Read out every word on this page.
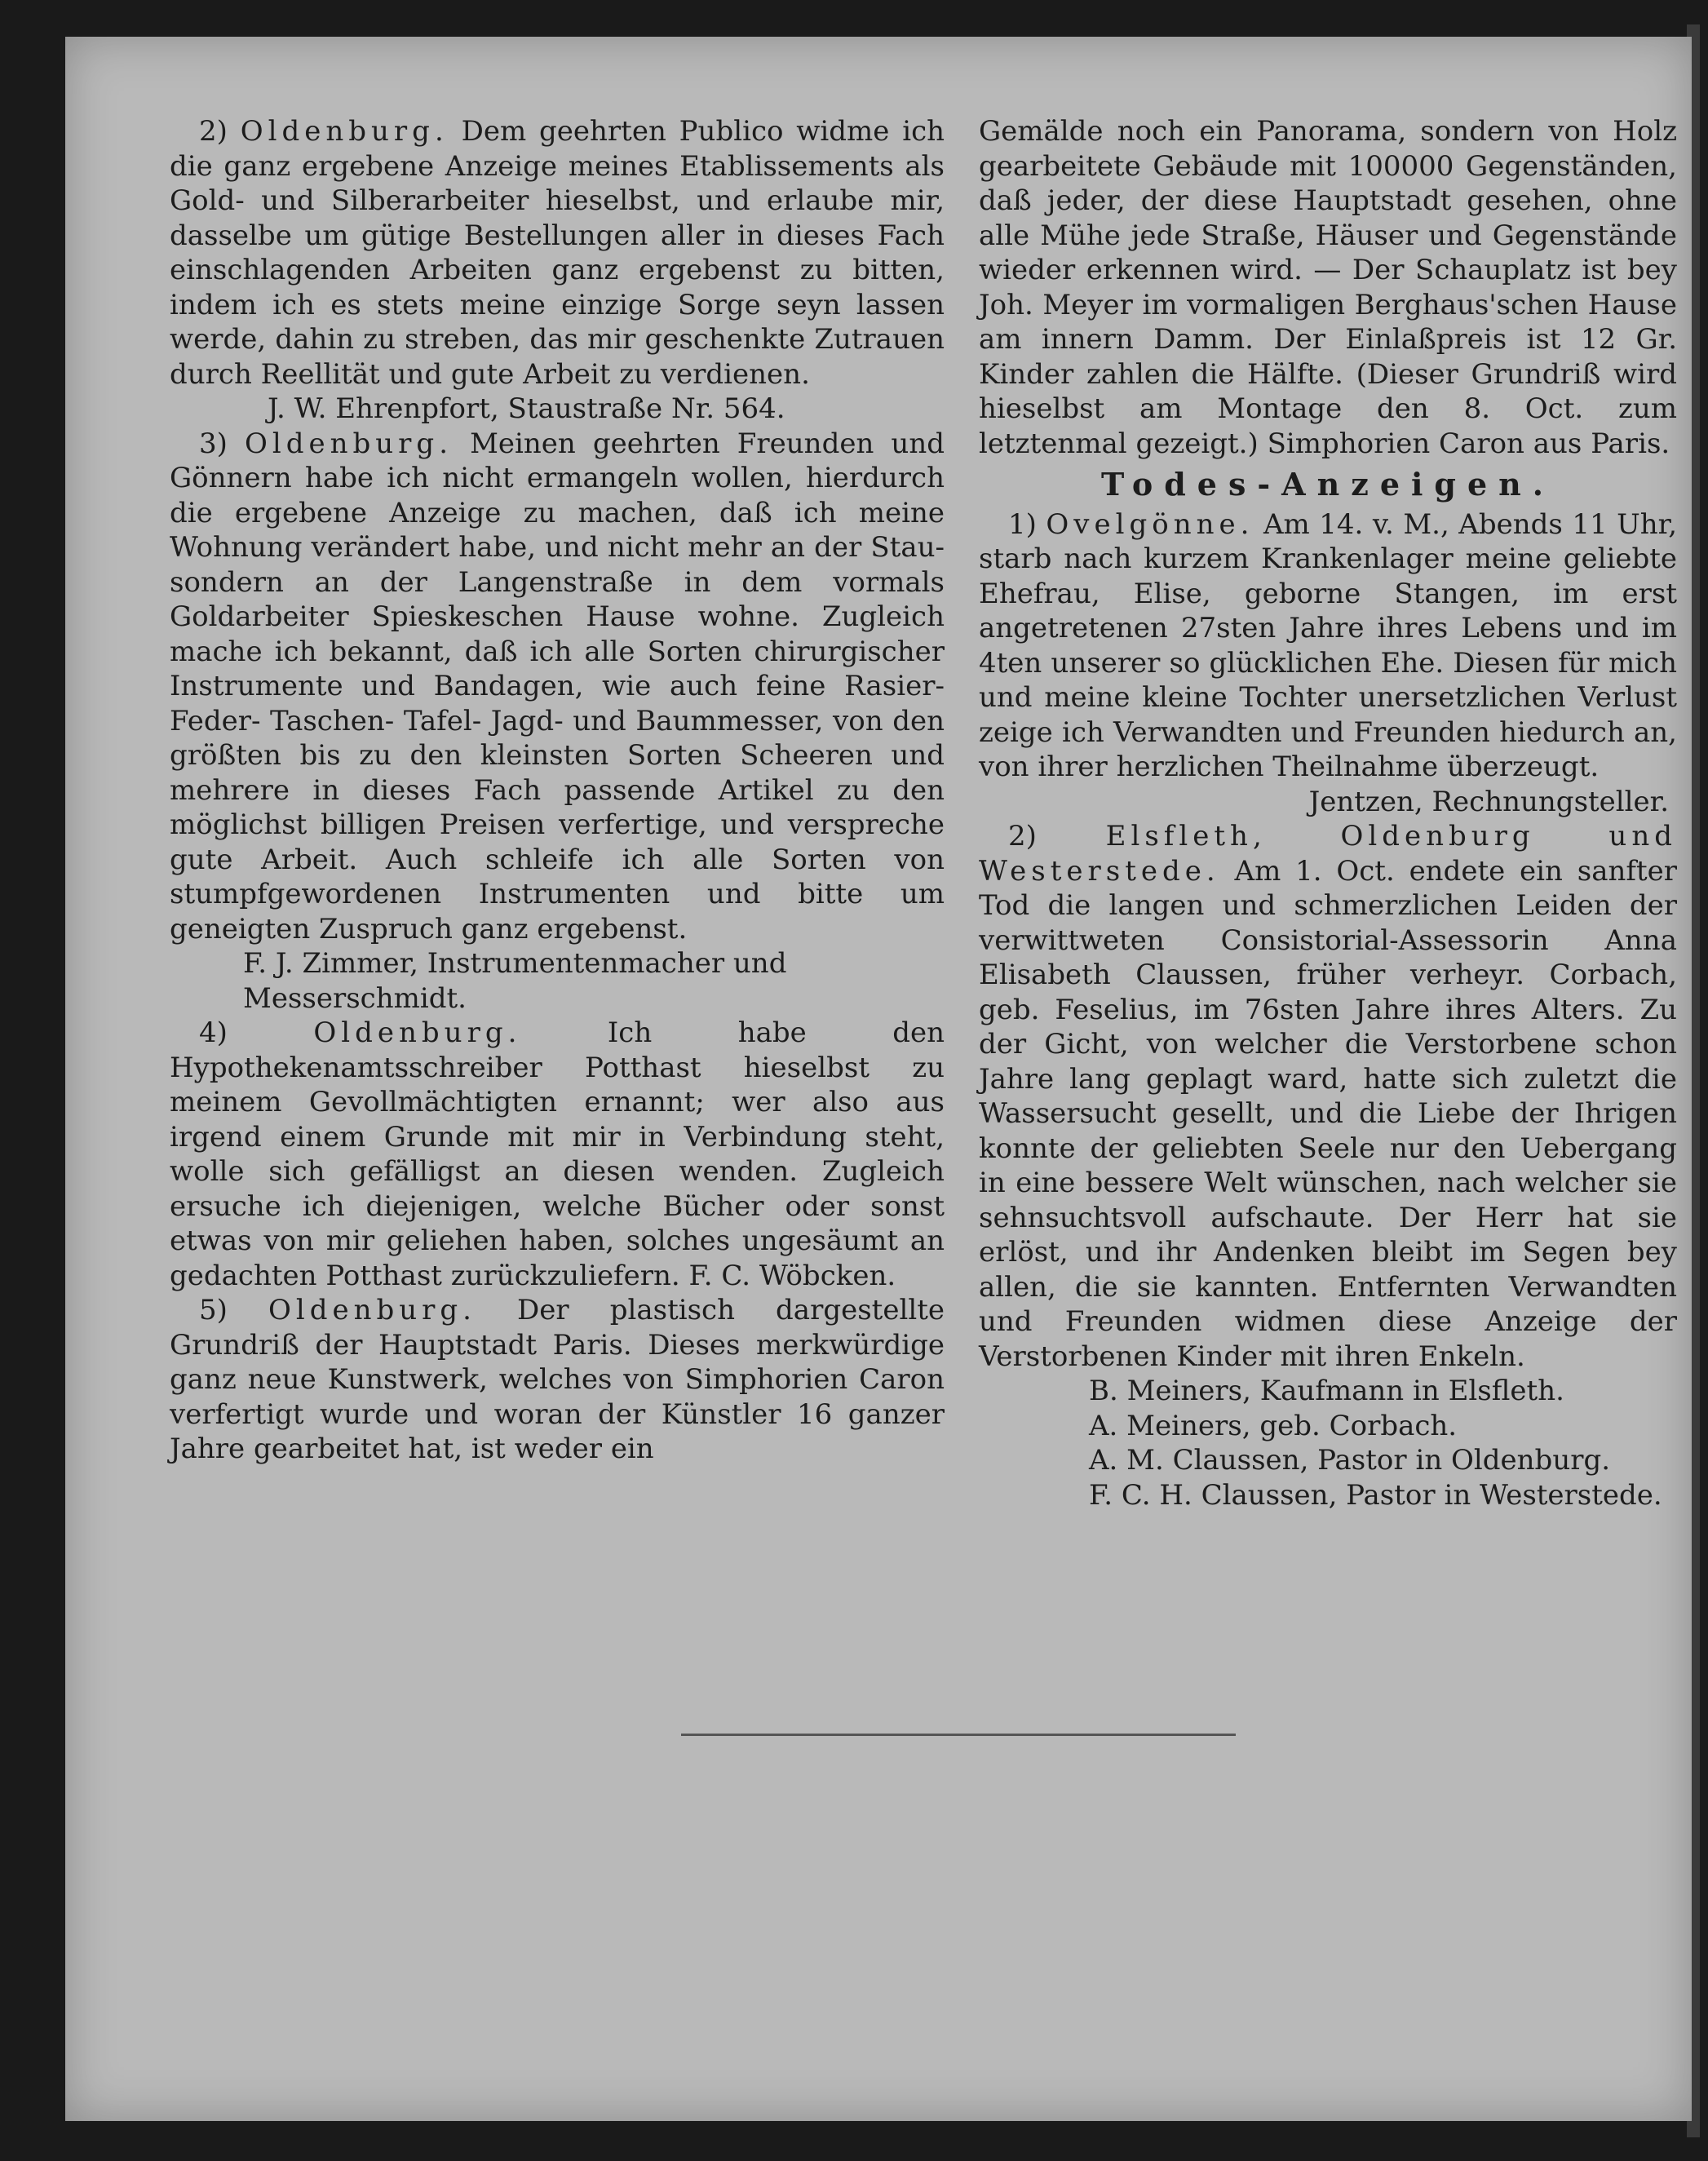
2) Oldenburg. Dem geehrten Publico widme ich die ganz ergebene Anzeige meines Etablissements als Gold- und Silberarbeiter hieselbst, und erlaube mir, dasselbe um gütige Bestellungen aller in dieses Fach einschlagenden Arbeiten ganz ergebenst zu bitten, indem ich es stets meine einzige Sorge seyn lassen werde, dahin zu streben, das mir geschenkte Zutrauen durch Reellität und gute Arbeit zu verdienen.

J. W. Ehrenpfort, Staustraße Nr. 564.

3) Oldenburg. Meinen geehrten Freunden und Gönnern habe ich nicht ermangeln wollen, hierdurch die ergebene Anzeige zu machen, daß ich meine Wohnung verändert habe, und nicht mehr an der Stau- sondern an der Langenstraße in dem vormals Goldarbeiter Spieskeschen Hause wohne. Zugleich mache ich bekannt, daß ich alle Sorten chirurgischer Instrumente und Bandagen, wie auch feine Rasier- Feder- Taschen- Tafel- Jagd- und Baummesser, von den größten bis zu den kleinsten Sorten Scheeren und mehrere in dieses Fach passende Artikel zu den möglichst billigen Preisen verfertige, und verspreche gute Arbeit. Auch schleife ich alle Sorten von stumpfgewordenen Instrumenten und bitte um geneigten Zuspruch ganz ergebenst.

F. J. Zimmer, Instrumentenmacher und Messerschmidt.

4)	Oldenburg.	Ich habe den Hypothekenamtsschreiber Potthast hieselbst zu meinem Gevollmächtigten ernannt; wer also aus irgend einem Grunde mit mir in Verbindung steht, wolle sich gefälligst an diesen wenden. Zugleich ersuche ich diejenigen, welche Bücher oder sonst etwas von mir geliehen haben, solches ungesäumt an gedachten Potthast zurückzuliefern. F. C. Wöbcken.

5) Oldenburg. Der plastisch dargestellte Grundriß der Hauptstadt Paris. Dieses merkwürdige ganz neue Kunstwerk, welches von Simphorien Caron verfertigt wurde und woran der Künstler 16 ganzer Jahre gearbeitet hat, ist weder ein

Gemälde noch ein Panorama, sondern von Holz gearbeitete Gebäude mit 100000 Gegenständen, daß jeder, der diese Hauptstadt gesehen, ohne alle Mühe jede Straße, Häuser und Gegenstände wieder erkennen wird. — Der Schauplatz ist bey Joh. Meyer im vormaligen Berghaus'schen Hause am innern Damm. Der Einlaßpreis ist 12 Gr. Kinder zahlen die Hälfte. (Dieser Grundriß wird hieselbst am Montage den 8. Oct. zum letztenmal gezeigt.) Simphorien Caron aus Paris.

Todes-Anzeigen.

1) Ovelgönne. Am 14. v. M., Abends 11 Uhr, starb nach kurzem Krankenlager meine geliebte Ehefrau, Elise, geborne Stangen, im erst angetretenen 27sten Jahre ihres Lebens und im 4ten unserer so glücklichen Ehe. Diesen für mich und meine kleine Tochter unersetzlichen Verlust zeige ich Verwandten und Freunden hiedurch an, von ihrer herzlichen Theilnahme überzeugt.

Jentzen, Rechnungsteller.

2) Elsfleth, Oldenburg und Westerstede. Am 1. Oct. endete ein sanfter Tod die langen und schmerzlichen Leiden der verwittweten Consistorial-Assessorin Anna Elisabeth Claussen, früher verheyr. Corbach, geb. Feselius, im 76sten Jahre ihres Alters. Zu der Gicht, von welcher die Verstorbene schon Jahre lang geplagt ward, hatte sich zuletzt die Wassersucht gesellt, und die Liebe der Ihrigen konnte der geliebten Seele nur den Uebergang in eine bessere Welt wünschen, nach welcher sie sehnsuchtsvoll aufschaute. Der Herr hat sie erlöst, und ihr Andenken bleibt im Segen bey allen, die sie kannten. Entfernten Verwandten und Freunden widmen diese Anzeige der Verstorbenen Kinder mit ihren Enkeln.

B. Meiners, Kaufmann in Elsfleth.

A. Meiners, geb. Corbach.

A. M. Claussen, Pastor in Oldenburg.

F. C. H. Claussen, Pastor in Westerstede.
